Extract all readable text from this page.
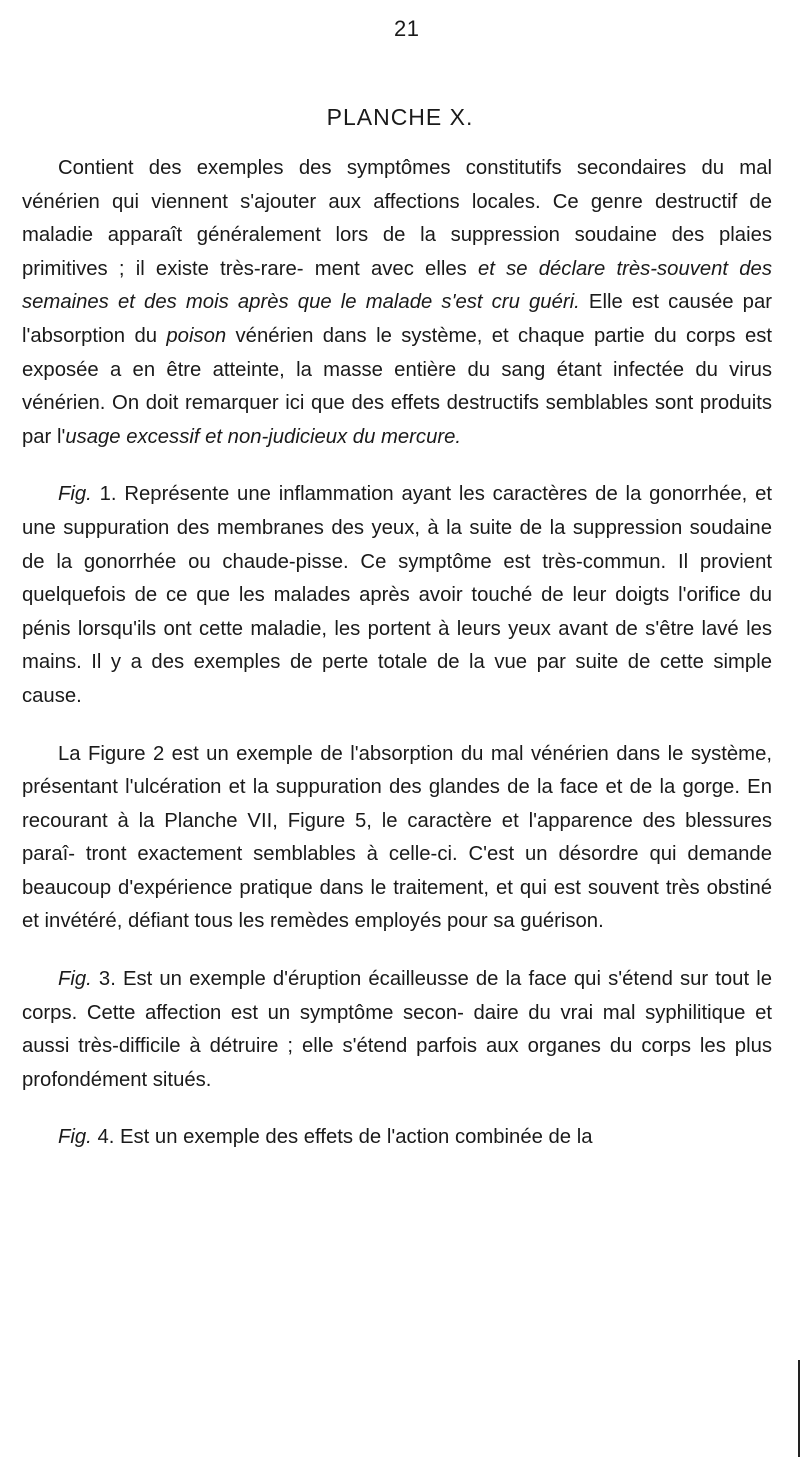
21
PLANCHE X.

Contient des exemples des symptômes constitutifs secondaires du mal vénérien qui viennent s'ajouter aux affections locales. Ce genre destructif de maladie apparaît généralement lors de la suppression soudaine des plaies primitives ; il existe très-rare- ment avec elles et se déclare très-souvent des semaines et des mois après que le malade s'est cru guéri. Elle est causée par l'absorption du poison vénérien dans le système, et chaque partie du corps est exposée a en être atteinte, la masse entière du sang étant infectée du virus vénérien. On doit remarquer ici que des effets destructifs semblables sont produits par l'usage excessif et non-judicieux du mercure.

Fig. 1. Représente une inflammation ayant les caractères de la gonorrhée, et une suppuration des membranes des yeux, à la suite de la suppression soudaine de la gonorrhée ou chaude-pisse. Ce symptôme est très-commun. Il provient quelquefois de ce que les malades après avoir touché de leur doigts l'orifice du pénis lorsqu'ils ont cette maladie, les portent à leurs yeux avant de s'être lavé les mains. Il y a des exemples de perte totale de la vue par suite de cette simple cause.

La Figure 2 est un exemple de l'absorption du mal vénérien dans le système, présentant l'ulcération et la suppuration des glandes de la face et de la gorge. En recourant à la Planche VII, Figure 5, le caractère et l'apparence des blessures paraî- tront exactement semblables à celle-ci. C'est un désordre qui demande beaucoup d'expérience pratique dans le traitement, et qui est souvent très obstiné et invétéré, défiant tous les remèdes employés pour sa guérison.

Fig. 3. Est un exemple d'éruption écailleusse de la face qui s'étend sur tout le corps. Cette affection est un symptôme secon- daire du vrai mal syphilitique et aussi très-difficile à détruire ; elle s'étend parfois aux organes du corps les plus profondément situés.

Fig. 4. Est un exemple des effets de l'action combinée de la
